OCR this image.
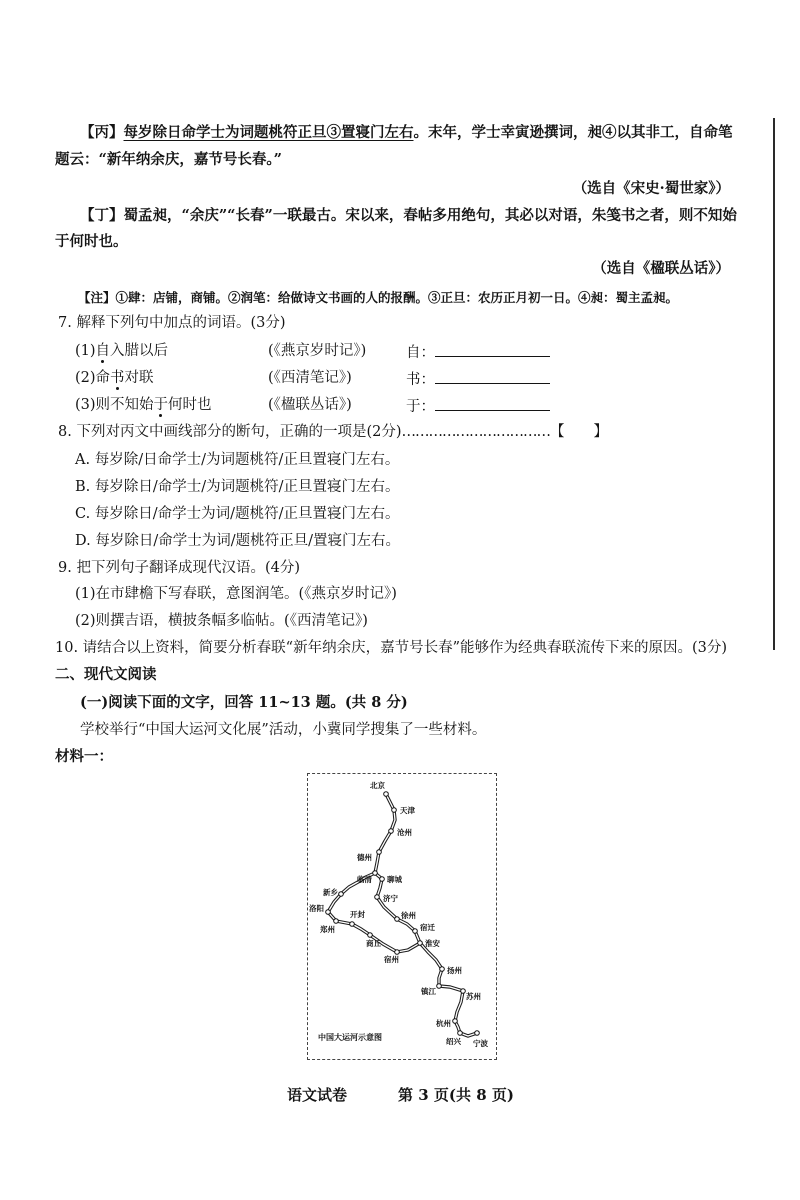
【丙】每岁除日命学士为词题桃符正旦③置寝门左右。末年，学士幸寅逊撰词，昶④以其非工，自命笔
题云：“新年纳余庆，嘉节号长春。”
（选自《宋史·蜀世家》）
【丁】蜀孟昶，“余庆”“长春”一联最古。宋以来，春帖多用绝句，其必以对语，朱笺书之者，则不知始
于何时也。
（选自《楹联丛话》）
【注】①肆：店铺，商铺。②润笔：给做诗文书画的人的报酬。③正旦：农历正月初一日。④昶：蜀主孟昶。
7. 解释下列句中加点的词语。(3分)
(1)自入腊以后	(《燕京岁时记》)	自：
(2)命书对联	(《西清笔记》)	书：
(3)则不知始于何时也	(《楹联丛话》)	于：
8. 下列对丙文中画线部分的断句，正确的一项是(2分)……………………………【　　】
A. 每岁除/日命学士/为词题桃符/正旦置寝门左右。
B. 每岁除日/命学士/为词题桃符/正旦置寝门左右。
C. 每岁除日/命学士为词/题桃符/正旦置寝门左右。
D. 每岁除日/命学士为词/题桃符正旦/置寝门左右。
9. 把下列句子翻译成现代汉语。(4分)
(1)在市肆檐下写春联，意图润笔。(《燕京岁时记》)
(2)则撰吉语，横披条幅多临帖。(《西清笔记》)
10. 请结合以上资料，简要分析春联“新年纳余庆，嘉节号长春”能够作为经典春联流传下来的原因。(3分)
二、现代文阅读
(一)阅读下面的文字，回答 11~13 题。(共 8 分)
学校举行“中国大运河文化展”活动，小冀同学搜集了一些材料。
材料一：
北京
天津
沧州
德州
临清 聊城
济宁
新乡
洛阳
开封
郑州
徐州
宿迁
淮安
商丘
宿州
扬州
镇江
苏州
杭州
绍兴 宁波
中国大运河示意图
语文试卷	第 3 页(共 8 页)
